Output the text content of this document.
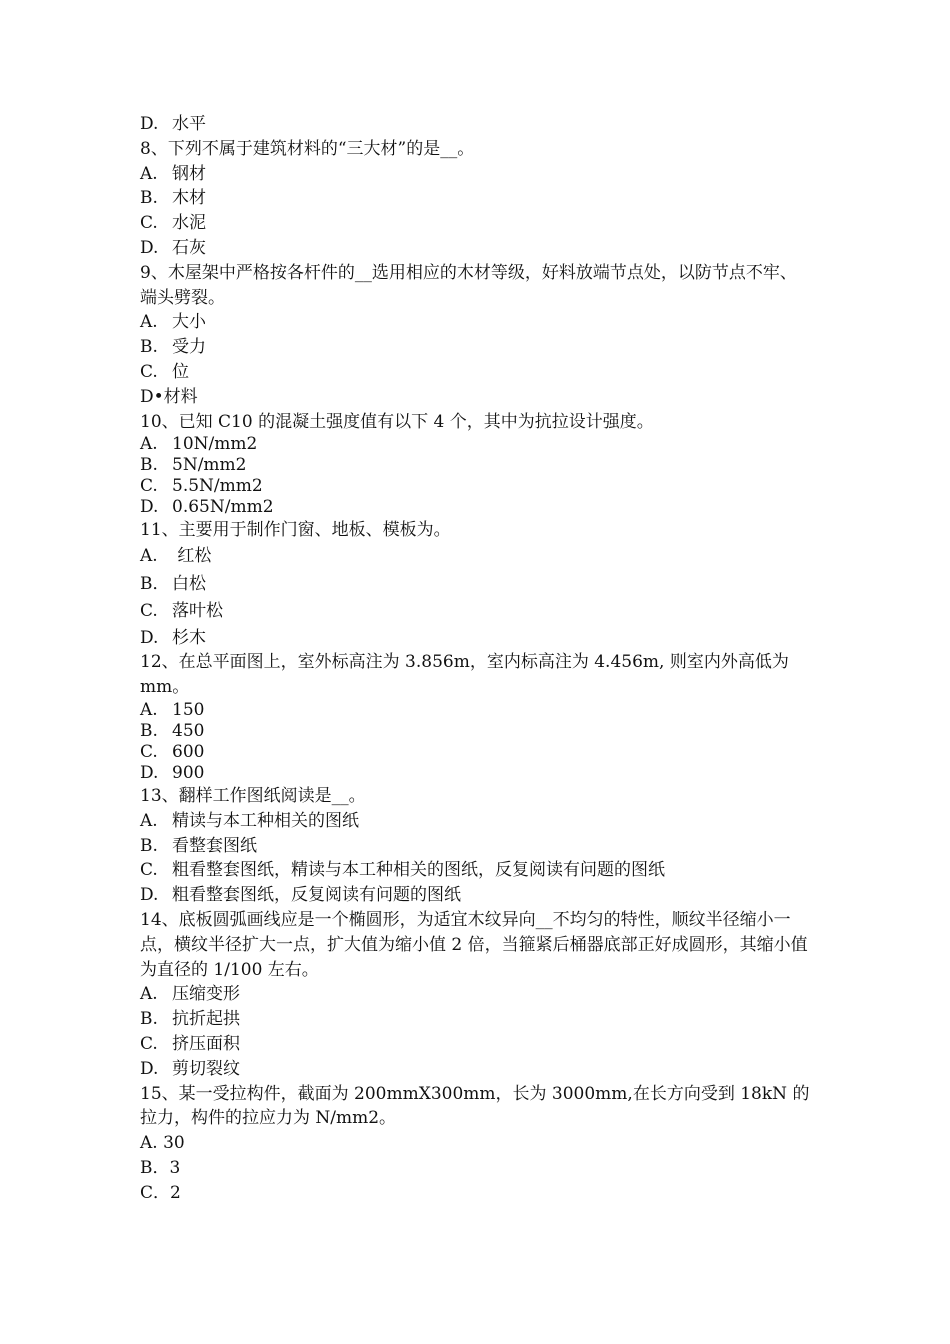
D. 水平
8、下列不属于建筑材料的“三大材”的是__。
A. 钢材
B. 木材
C. 水泥
D. 石灰
9、木屋架中严格按各杆件的__选用相应的木材等级，好料放端节点处，以防节点不牢、端头劈裂。
A. 大小
B. 受力
C. 位
D•材料
10、已知 C10 的混凝土强度值有以下 4 个，其中为抗拉设计强度。
A. 10N/mm2
B. 5N/mm2
C. 5.5N/mm2
D. 0.65N/mm2
11、主要用于制作门窗、地板、模板为。
A. 红松
B． 白松
C. 落叶松
D. 杉木
12、在总平面图上，室外标高注为 3.856m，室内标高注为 4.456m, 则室内外高低为 mm。
A. 150
B. 450
C. 600
D. 900
13、翻样工作图纸阅读是__。
A. 精读与本工种相关的图纸
B. 看整套图纸
C. 粗看整套图纸，精读与本工种相关的图纸，反复阅读有问题的图纸
D. 粗看整套图纸，反复阅读有问题的图纸
14、底板圆弧画线应是一个椭圆形，为适宜木纹异向__不均匀的特性，顺纹半径缩小一点，横纹半径扩大一点，扩大值为缩小值 2 倍，当箍紧后桶器底部正好成圆形，其缩小值为直径的 1/100 左右。
A. 压缩变形
B. 抗折起拱
C. 挤压面积
D. 剪切裂纹
15、某一受拉构件，截面为 200mmX300mm，长为 3000mm,在长方向受到 18kN 的拉力，构件的拉应力为 N/mm2。
A. 30
B．3
C．2
